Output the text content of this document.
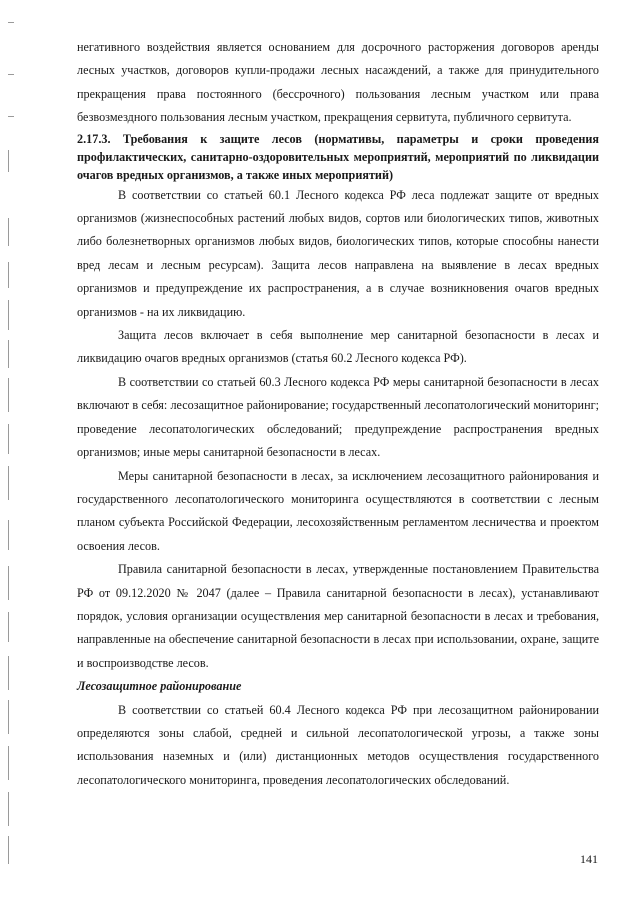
негативного воздействия является основанием для досрочного расторжения договоров аренды лесных участков, договоров купли-продажи лесных насаждений, а также для принудительного прекращения права постоянного (бессрочного) пользования лесным участком или права безвозмездного пользования лесным участком, прекращения сервитута, публичного сервитута.

2.17.3. Требования к защите лесов (нормативы, параметры и сроки проведения профилактических, санитарно-оздоровительных мероприятий, мероприятий по ликвидации очагов вредных организмов, а также иных мероприятий)

В соответствии со статьей 60.1 Лесного кодекса РФ леса подлежат защите от вредных организмов (жизнеспособных растений любых видов, сортов или биологических типов, животных либо болезнетворных организмов любых видов, биологических типов, которые способны нанести вред лесам и лесным ресурсам). Защита лесов направлена на выявление в лесах вредных организмов и предупреждение их распространения, а в случае возникновения очагов вредных организмов - на их ликвидацию.

Защита лесов включает в себя выполнение мер санитарной безопасности в лесах и ликвидацию очагов вредных организмов (статья 60.2 Лесного кодекса РФ).

В соответствии со статьей 60.3 Лесного кодекса РФ меры санитарной безопасности в лесах включают в себя: лесозащитное районирование; государственный лесопатологический мониторинг; проведение лесопатологических обследований; предупреждение распространения вредных организмов; иные меры санитарной безопасности в лесах.

Меры санитарной безопасности в лесах, за исключением лесозащитного районирования и государственного лесопатологического мониторинга осуществляются в соответствии с лесным планом субъекта Российской Федерации, лесохозяйственным регламентом лесничества и проектом освоения лесов.

Правила санитарной безопасности в лесах, утвержденные постановлением Правительства РФ от 09.12.2020 № 2047 (далее – Правила санитарной безопасности в лесах), устанавливают порядок, условия организации осуществления мер санитарной безопасности в лесах и требования, направленные на обеспечение санитарной безопасности в лесах при использовании, охране, защите и воспроизводстве лесов.

Лесозащитное районирование

В соответствии со статьей 60.4 Лесного кодекса РФ при лесозащитном районировании определяются зоны слабой, средней и сильной лесопатологической угрозы, а также зоны использования наземных и (или) дистанционных методов осуществления государственного лесопатологического мониторинга, проведения лесопатологических обследований.

141
